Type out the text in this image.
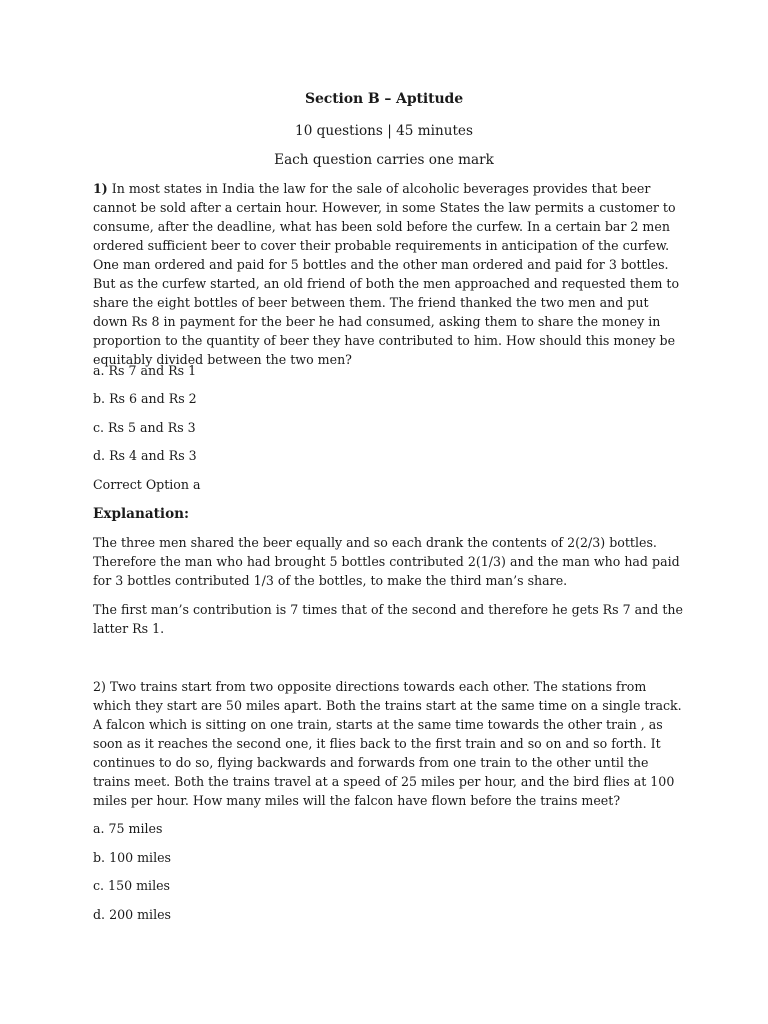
Section B – Aptitude
10 questions | 45 minutes
Each question carries one mark
1) In most states in India the law for the sale of alcoholic beverages provides that beer cannot be sold after a certain hour. However, in some States the law permits a customer to consume, after the deadline, what has been sold before the curfew. In a certain bar 2 men ordered sufficient beer to cover their probable requirements in anticipation of the curfew. One man ordered and paid for 5 bottles and the other man ordered and paid for 3 bottles. But as the curfew started, an old friend of both the men approached and requested them to share the eight bottles of beer between them. The friend thanked the two men and put down Rs 8 in payment for the beer he had consumed, asking them to share the money in proportion to the quantity of beer they have contributed to him. How should this money be equitably divided between the two men?
a. Rs 7 and Rs 1
b. Rs 6 and Rs 2
c. Rs 5 and Rs 3
d. Rs 4 and Rs 3
Correct Option a
Explanation:
The three men shared the beer equally and so each drank the contents of 2(2/3) bottles. Therefore the man who had brought 5 bottles contributed 2(1/3) and the man who had paid for 3 bottles contributed 1/3 of the bottles, to make the third man’s share.
The first man’s contribution is 7 times that of the second and therefore he gets Rs 7 and the latter Rs 1.
2) Two trains start from two opposite directions towards each other. The stations from which they start are 50 miles apart. Both the trains start at the same time on a single track. A falcon which is sitting on one train, starts at the same time towards the other train , as soon as it reaches the second one, it flies back to the first train and so on and so forth. It continues to do so, flying backwards and forwards from one train to the other until the trains meet. Both the trains travel at a speed of 25 miles per hour, and the bird flies at 100 miles per hour. How many miles will the falcon have flown before the trains meet?
a. 75 miles
b. 100 miles
c. 150 miles
d. 200 miles
